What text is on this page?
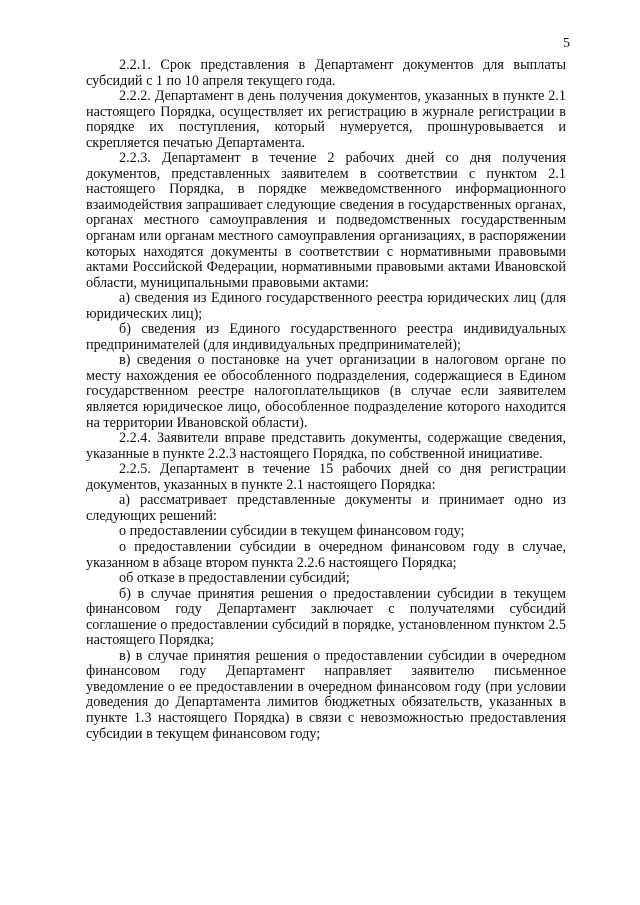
5

2.2.1. Срок представления в Департамент документов для выплаты субсидий с 1 по 10 апреля текущего года.

2.2.2. Департамент в день получения документов, указанных в пункте 2.1 настоящего Порядка, осуществляет их регистрацию в журнале регистрации в порядке их поступления, который нумеруется, прошнуровывается и скрепляется печатью Департамента.

2.2.3. Департамент в течение 2 рабочих дней со дня получения документов, представленных заявителем в соответствии с пунктом 2.1 настоящего Порядка, в порядке межведомственного информационного взаимодействия запрашивает следующие сведения в государственных органах, органах местного самоуправления и подведомственных государственным органам или органам местного самоуправления организациях, в распоряжении которых находятся документы в соответствии с нормативными правовыми актами Российской Федерации, нормативными правовыми актами Ивановской области, муниципальными правовыми актами:

а) сведения из Единого государственного реестра юридических лиц (для юридических лиц);

б) сведения из Единого государственного реестра индивидуальных предпринимателей (для индивидуальных предпринимателей);

в) сведения о постановке на учет организации в налоговом органе по месту нахождения ее обособленного подразделения, содержащиеся в Едином государственном реестре налогоплательщиков (в случае если заявителем является юридическое лицо, обособленное подразделение которого находится на территории Ивановской области).

2.2.4. Заявители вправе представить документы, содержащие сведения, указанные в пункте 2.2.3 настоящего Порядка, по собственной инициативе.

2.2.5. Департамент в течение 15 рабочих дней со дня регистрации документов, указанных в пункте 2.1 настоящего Порядка:

а) рассматривает представленные документы и принимает одно из следующих решений:

о предоставлении субсидии в текущем финансовом году;

о предоставлении субсидии в очередном финансовом году в случае, указанном в абзаце втором пункта 2.2.6 настоящего Порядка;

об отказе в предоставлении субсидий;

б) в случае принятия решения о предоставлении субсидии в текущем финансовом году Департамент заключает с получателями субсидий соглашение о предоставлении субсидий в порядке, установленном пунктом 2.5 настоящего Порядка;

в) в случае принятия решения о предоставлении субсидии в очередном финансовом году Департамент направляет заявителю письменное уведомление о ее предоставлении в очередном финансовом году (при условии доведения до Департамента лимитов бюджетных обязательств, указанных в пункте 1.3 настоящего Порядка) в связи с невозможностью предоставления субсидии в текущем финансовом году;
